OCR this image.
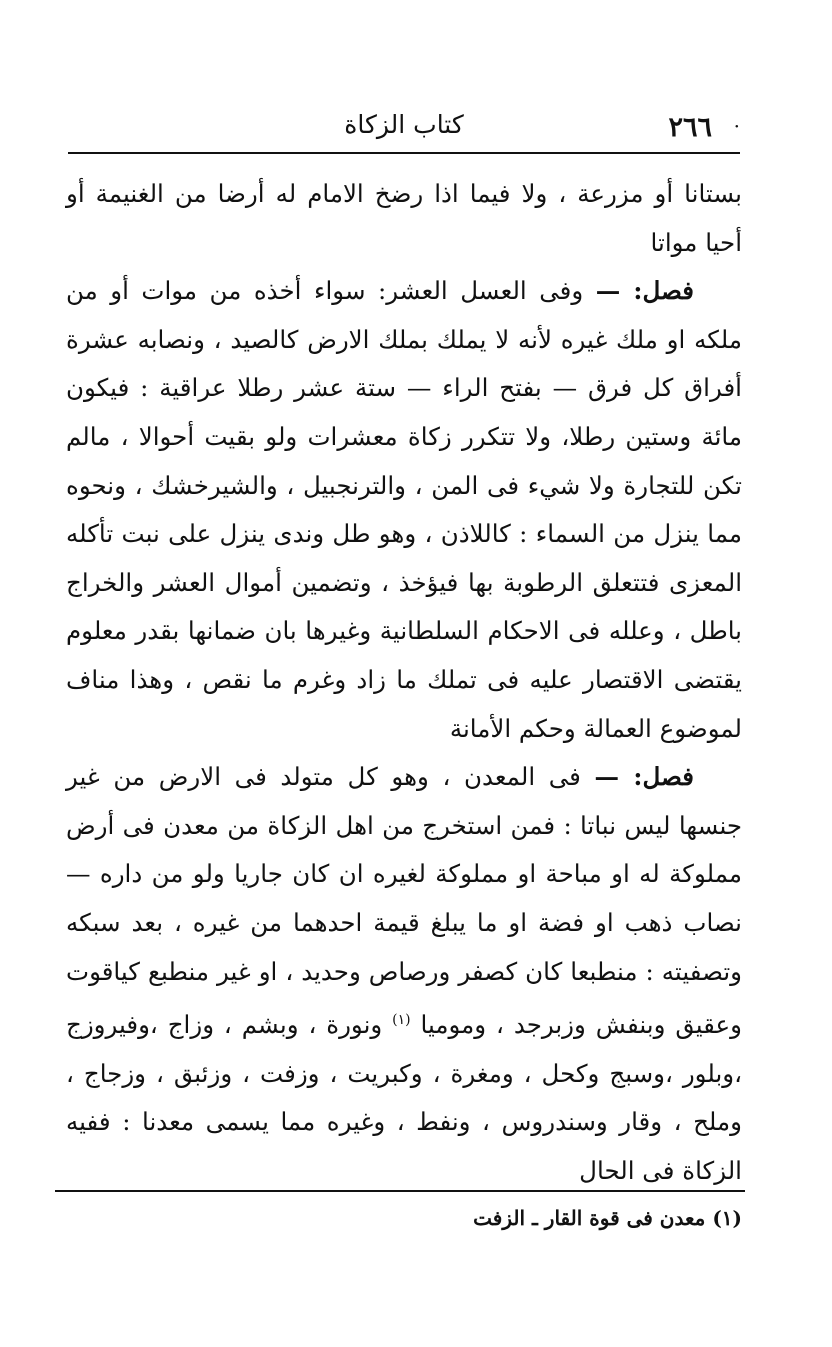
·
٢٦٦
كتاب الزكاة

بستانا أو مزرعة ، ولا فيما اذا رضخ الامام له أرضا من الغنيمة أو أحيا مواتا

فصل: — وفى العسل العشر: سواء أخذه من موات أو من ملكه او ملك غيره لأنه لا يملك بملك الارض كالصيد ، ونصابه عشرة أفراق كل فرق — بفتح الراء — ستة عشر رطلا عراقية : فيكون مائة وستين رطلا، ولا تتكرر زكاة معشرات ولو بقيت أحوالا ، مالم تكن للتجارة ولا شيء فى المن ، والترنجبيل ، والشيرخشك ، ونحوه مما ينزل من السماء : كاللاذن ، وهو طل وندى ينزل على نبت تأكله المعزى فتتعلق الرطوبة بها فيؤخذ ، وتضمين أموال العشر والخراج باطل ، وعلله فى الاحكام السلطانية وغيرها بان ضمانها بقدر معلوم يقتضى الاقتصار عليه فى تملك ما زاد وغرم ما نقص ، وهذا مناف لموضوع العمالة وحكم الأمانة

فصل: — فى المعدن ، وهو كل متولد فى الارض من غير جنسها ليس نباتا : فمن استخرج من اهل الزكاة من معدن فى أرض مملوكة له او مباحة او مملوكة لغيره ان كان جاريا ولو من داره — نصاب ذهب او فضة او ما يبلغ قيمة احدهما من غيره ، بعد سبكه وتصفيته : منطبعا كان كصفر ورصاص وحديد ، او غير منطبع كياقوت وعقيق وبنفش وزبرجد ، وموميا $^{(١)}$ ونورة ، وبشم ، وزاج ،وفيروزج ،وبلور ،وسبج وكحل ، ومغرة ، وكبريت ، وزفت ، وزئبق ، وزجاج ، وملح ، وقار وسندروس ، ونفط ، وغيره مما يسمى معدنا : ففيه الزكاة فى الحال

(١) معدن فى قوة القار ـ الزفت
